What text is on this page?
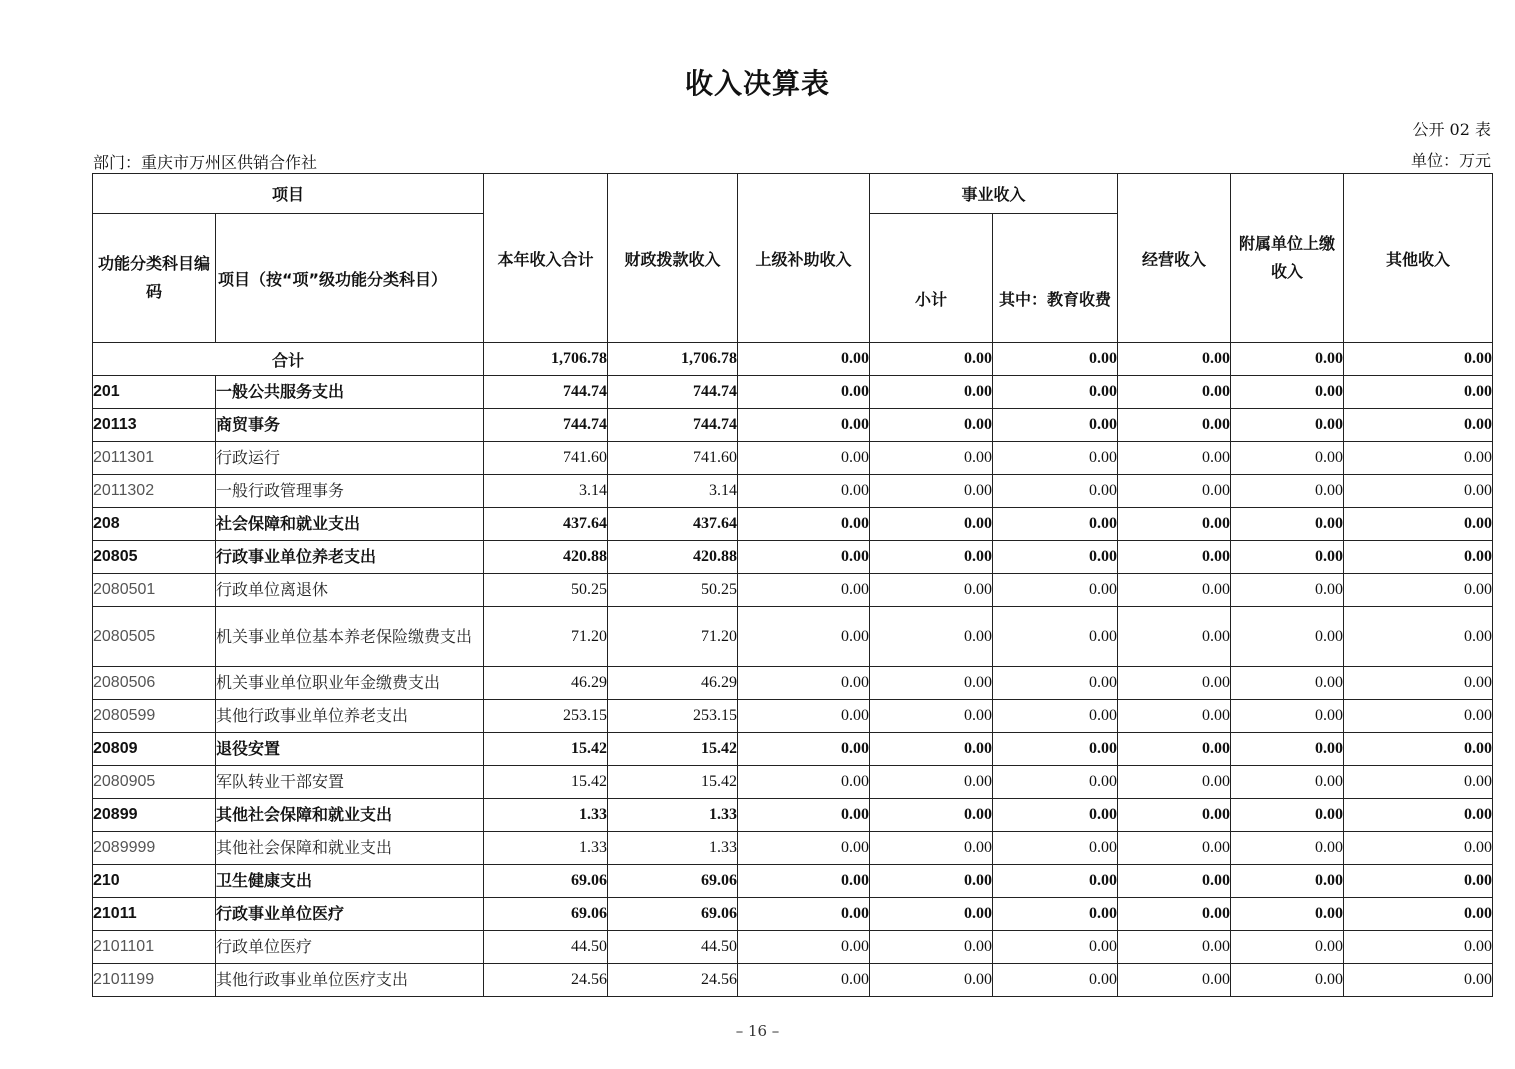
收入决算表
公开 02 表
部门：重庆市万州区供销合作社	单位：万元
项目		本年收入合计	财政拨款收入	上级补助收入	事业收入		经营收入	附属单位上缴收入	其他收入
功能分类科目编码	项目（按“项”级功能分类科目）				小计	其中：教育收费			
合计		1,706.78	1,706.78	0.00	0.00	0.00	0.00	0.00	0.00
201	一般公共服务支出	744.74	744.74	0.00	0.00	0.00	0.00	0.00	0.00
20113	商贸事务	744.74	744.74	0.00	0.00	0.00	0.00	0.00	0.00
2011301	行政运行	741.60	741.60	0.00	0.00	0.00	0.00	0.00	0.00
2011302	一般行政管理事务	3.14	3.14	0.00	0.00	0.00	0.00	0.00	0.00
208	社会保障和就业支出	437.64	437.64	0.00	0.00	0.00	0.00	0.00	0.00
20805	行政事业单位养老支出	420.88	420.88	0.00	0.00	0.00	0.00	0.00	0.00
2080501	行政单位离退休	50.25	50.25	0.00	0.00	0.00	0.00	0.00	0.00
2080505	机关事业单位基本养老保险缴费支出	71.20	71.20	0.00	0.00	0.00	0.00	0.00	0.00
2080506	机关事业单位职业年金缴费支出	46.29	46.29	0.00	0.00	0.00	0.00	0.00	0.00
2080599	其他行政事业单位养老支出	253.15	253.15	0.00	0.00	0.00	0.00	0.00	0.00
20809	退役安置	15.42	15.42	0.00	0.00	0.00	0.00	0.00	0.00
2080905	军队转业干部安置	15.42	15.42	0.00	0.00	0.00	0.00	0.00	0.00
20899	其他社会保障和就业支出	1.33	1.33	0.00	0.00	0.00	0.00	0.00	0.00
2089999	其他社会保障和就业支出	1.33	1.33	0.00	0.00	0.00	0.00	0.00	0.00
210	卫生健康支出	69.06	69.06	0.00	0.00	0.00	0.00	0.00	0.00
21011	行政事业单位医疗	69.06	69.06	0.00	0.00	0.00	0.00	0.00	0.00
2101101	行政单位医疗	44.50	44.50	0.00	0.00	0.00	0.00	0.00	0.00
2101199	其他行政事业单位医疗支出	24.56	24.56	0.00	0.00	0.00	0.00	0.00	0.00
– 16 –
